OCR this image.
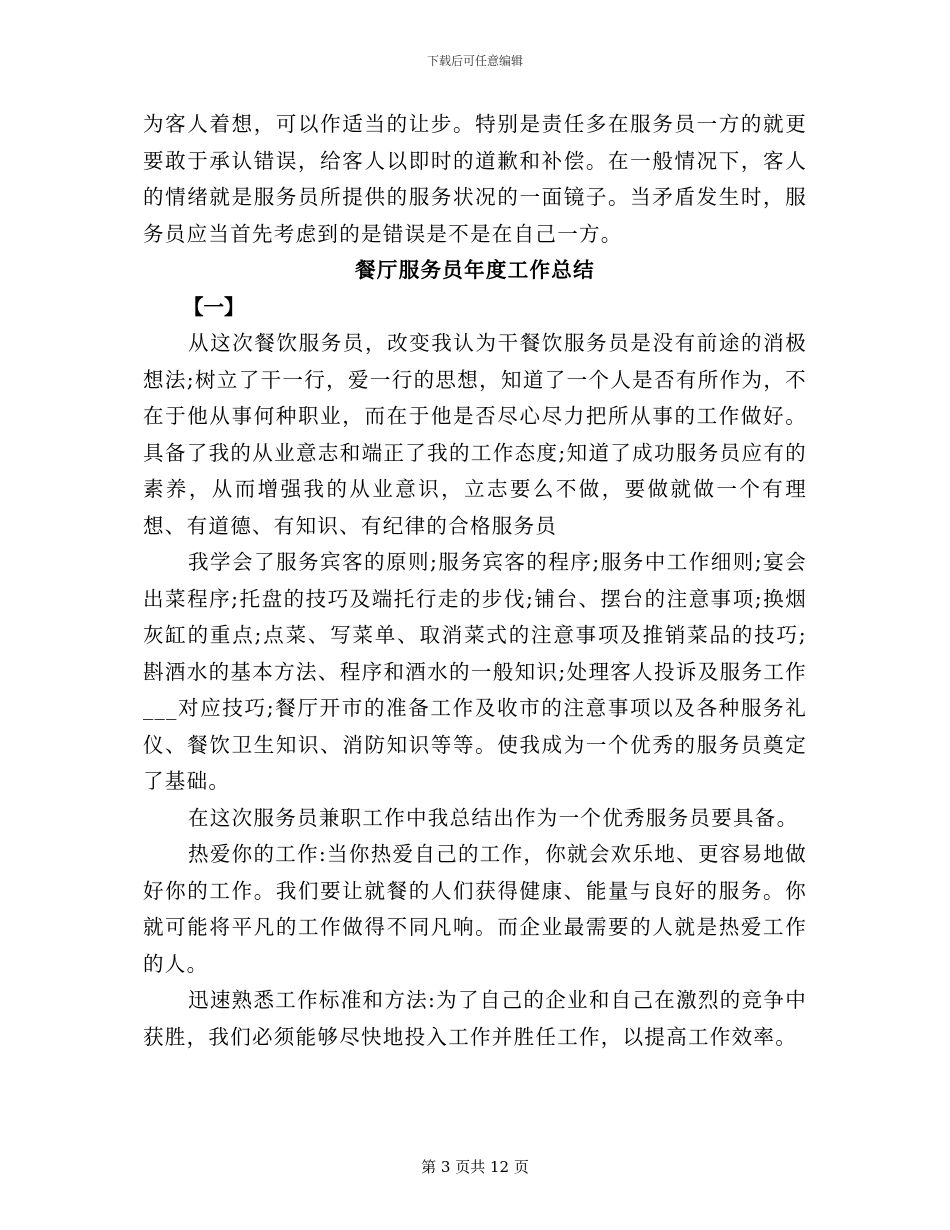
下载后可任意编辑

为客人着想，可以作适当的让步。特别是责任多在服务员一方的就更要敢于承认错误，给客人以即时的道歉和补偿。在一般情况下，客人的情绪就是服务员所提供的服务状况的一面镜子。当矛盾发生时，服务员应当首先考虑到的是错误是不是在自己一方。

餐厅服务员年度工作总结

【一】

从这次餐饮服务员，改变我认为干餐饮服务员是没有前途的消极想法;树立了干一行，爱一行的思想，知道了一个人是否有所作为，不在于他从事何种职业，而在于他是否尽心尽力把所从事的工作做好。具备了我的从业意志和端正了我的工作态度;知道了成功服务员应有的素养，从而增强我的从业意识，立志要么不做，要做就做一个有理想、有道德、有知识、有纪律的合格服务员

我学会了服务宾客的原则;服务宾客的程序;服务中工作细则;宴会出菜程序;托盘的技巧及端托行走的步伐;铺台、摆台的注意事项;换烟灰缸的重点;点菜、写菜单、取消菜式的注意事项及推销菜品的技巧;斟酒水的基本方法、程序和酒水的一般知识;处理客人投诉及服务工作___对应技巧;餐厅开市的准备工作及收市的注意事项以及各种服务礼仪、餐饮卫生知识、消防知识等等。使我成为一个优秀的服务员奠定了基础。

在这次服务员兼职工作中我总结出作为一个优秀服务员要具备。

热爱你的工作:当你热爱自己的工作，你就会欢乐地、更容易地做好你的工作。我们要让就餐的人们获得健康、能量与良好的服务。你就可能将平凡的工作做得不同凡响。而企业最需要的人就是热爱工作的人。

迅速熟悉工作标准和方法:为了自己的企业和自己在激烈的竞争中获胜，我们必须能够尽快地投入工作并胜任工作，以提高工作效率。

第 3 页共 12 页
